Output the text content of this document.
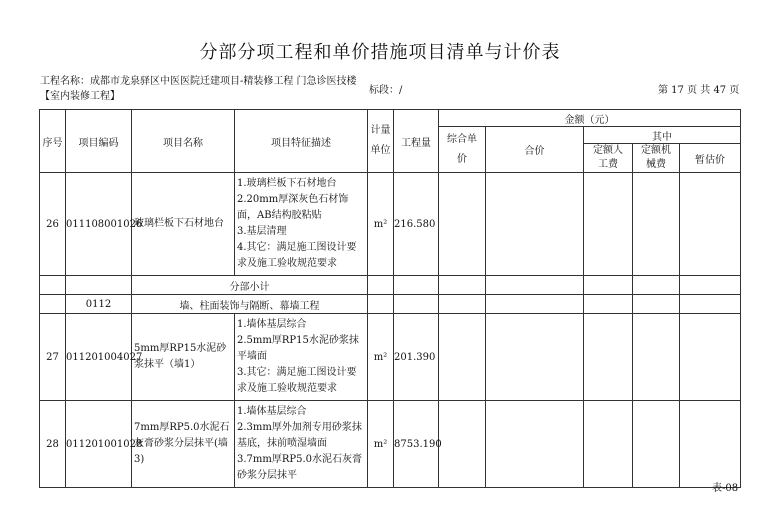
分部分项工程和单价措施项目清单与计价表
工程名称：成都市龙泉驿区中医医院迁建项目-精装修工程 门急诊医技楼 【室内装修工程】
标段：/	第 17 页 共 47 页
序号	项目编码	项目名称	项目特征描述	计量单位	工程量	金额（元）				
						综合单价	合价	其中		
								定额人工费	定额机械费	暂估价
26	011108001026	玻璃栏板下石材地台	1.玻璃栏板下石材地台
2.20mm厚深灰色石材饰面，AB结构胶粘贴
3.基层清理
4.其它：满足施工图设计要求及施工验收规范要求	m²	216.580					
		分部小计								
	0112	墙、柱面装饰与隔断、幕墙工程								
27	011201004027	5mm厚RP15水泥砂浆抹平（墙1）	1.墙体基层综合
2.5mm厚RP15水泥砂浆抹平墙面
3.其它：满足施工图设计要求及施工验收规范要求	m²	201.390					
28	011201001028	7mm厚RP5.0水泥石灰膏砂浆分层抹平(墙3)	1.墙体基层综合
2.3mm厚外加剂专用砂浆抹基底，抹前喷湿墙面
3.7mm厚RP5.0水泥石灰膏砂浆分层抹平	m²	8753.190					
表-08
